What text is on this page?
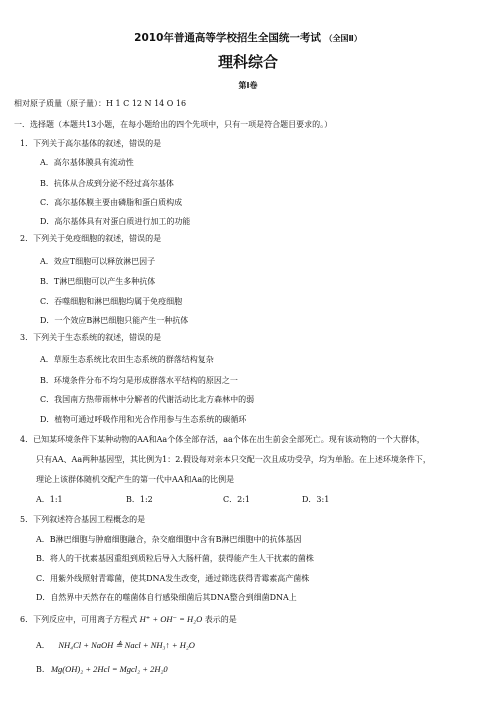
2010年普通高等学校招生全国统一考试 （全国Ⅱ）
理科综合
第Ⅰ卷
相对原子质量（原子量）：H 1 C 12 N 14 O 16
一．选择题（本题共13小题，在每小题给出的四个先项中，只有一项是符合题目要求的。）
1．下列关于高尔基体的叙述，错误的是
A．高尔基体膜具有流动性
B．抗体从合成到分泌不经过高尔基体
C．高尔基体膜主要由磷脂和蛋白质构成
D．高尔基体具有对蛋白质进行加工的功能
2．下列关于免疫细胞的叙述，错误的是
A．效应T细胞可以释放淋巴因子
B．T淋巴细胞可以产生多种抗体
C．吞噬细胞和淋巴细胞均属于免疫细胞
D．一个效应B淋巴细胞只能产生一种抗体
3．下列关于生态系统的叙述，错误的是
A．草原生态系统比农田生态系统的群落结构复杂
B．环境条件分布不均匀是形成群落水平结构的原因之一
C．我国南方热带雨林中分解者的代谢活动比北方森林中的弱
D．植物可通过呼吸作用和光合作用参与生态系统的碳循环
4．已知某环境条件下某种动物的AA和Aa个体全部存活，aa个体在出生前会全部死亡。现有该动物的一个大群体，
只有AA、Aa两种基因型，其比例为1：2.假设每对亲本只交配一次且成功受孕，均为单胎。在上述环境条件下，
理论上该群体随机交配产生的第一代中AA和Aa的比例是
A．1:1	B．1:2	C．2:1	D．3:1
5．下列叙述符合基因工程概念的是
A．B淋巴细胞与肿瘤细胞融合，杂交瘤细胞中含有B淋巴细胞中的抗体基因
B．将人的干扰素基因重组到质粒后导入大肠杆菌，获得能产生人干扰素的菌株
C．用紫外线照射青霉菌，使其DNA发生改变，通过筛选获得青霉素高产菌株
D．自然界中天然存在的噬菌体自行感染细菌后其DNA整合到细菌DNA上
6．下列反应中，可用离子方程式 H⁺ + OH⁻ = H₂O 表示的是
A． NH₄Cl + NaOH ≜ Nacl + NH₃↑ + H₂O
B. Mg(OH)₂ + 2Hcl = Mgcl₂ + 2H₂0
